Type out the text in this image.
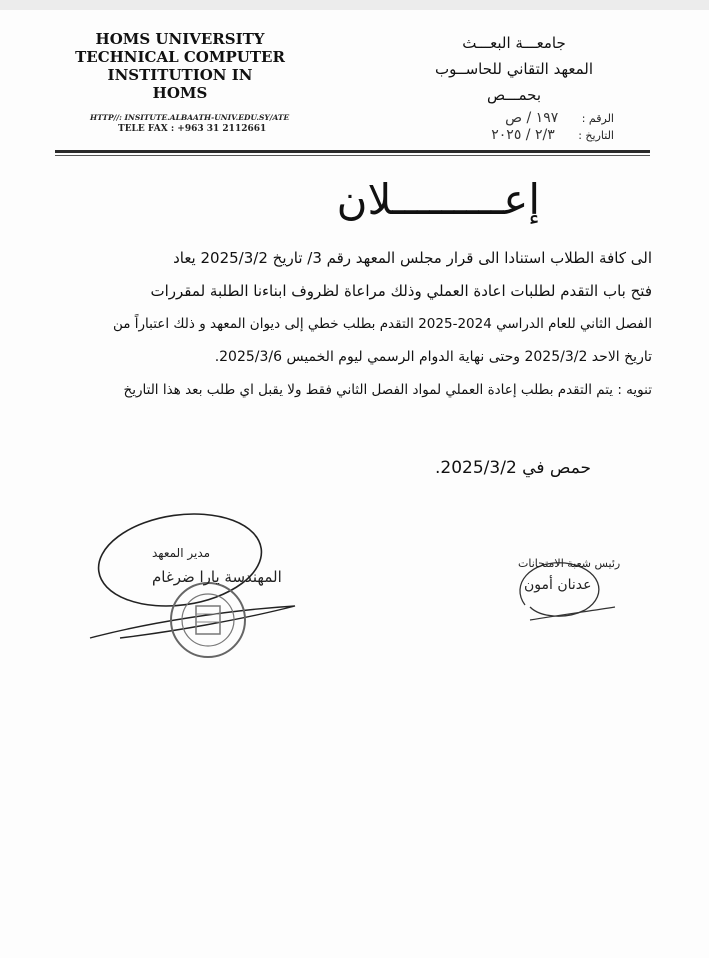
HOMS UNIVERSITY
TECHNICAL COMPUTER
INSTITUTION IN
HOMS
HTTP//: INSITUTE.ALBAATH-UNIV.EDU.SY/ATE
TELE FAX : +963 31 2112661
جامعـــة البعـــث
المعهد التقاني للحاســوب
بحمـــص
الرقم : ١٩٧ / ص
التاريخ : ٢/٣ / ٢٠٢٥
إعـــــــــلان
الى كافة الطلاب استنادا الى قرار مجلس المعهد رقم 3/ تاريخ 2025/3/2 يعاد
فتح باب التقدم لطلبات اعادة العملي وذلك مراعاة لظروف ابناءنا الطلبة لمقررات
الفصل الثاني للعام الدراسي 2024-2025 التقدم بطلب خطي إلى ديوان المعهد و ذلك اعتباراً من
تاريخ الاحد 2025/3/2 وحتى نهاية الدوام الرسمي ليوم الخميس 2025/3/6.
تنويه : يتم التقدم بطلب إعادة العملي لمواد الفصل الثاني فقط ولا يقبل اي طلب بعد هذا التاريخ
حمص في 2025/3/2.
مدير المعهد
المهندسة يارا ضرغام
رئيس شعبة الامتحانات
عدنان أمون
